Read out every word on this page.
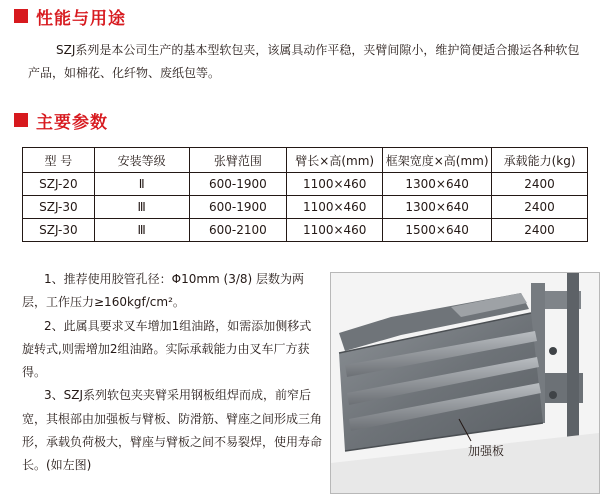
性能与用途

SZJ系列是本公司生产的基本型软包夹，该属具动作平稳，夹臂间隙小，维护简便适合搬运各种软包产品，如棉花、化纤物、废纸包等。

主要参数
型 号	安装等级	张臂范围	臂长×高(mm)	框架宽度×高(mm)	承载能力(kg)
SZJ-20	Ⅱ	600-1900	1100×460	1300×640	2400
SZJ-30	Ⅲ	600-1900	1100×460	1300×640	2400
SZJ-30	Ⅲ	600-2100	1100×460	1500×640	2400

1、推荐使用胶管孔径：Φ10mm (3/8) 层数为两层，工作压力≥160kgf/cm²。

2、此属具要求叉车增加1组油路，如需添加侧移式旋转式,则需增加2组油路。实际承载能力由叉车厂方获得。

3、SZJ系列软包夹夹臂采用钢板组焊而成，前窄后宽，其根部由加强板与臂板、防滑筋、臂座之间形成三角形，承载负荷极大，臂座与臂板之间不易裂焊，使用寿命长。(如左图)

加强板
